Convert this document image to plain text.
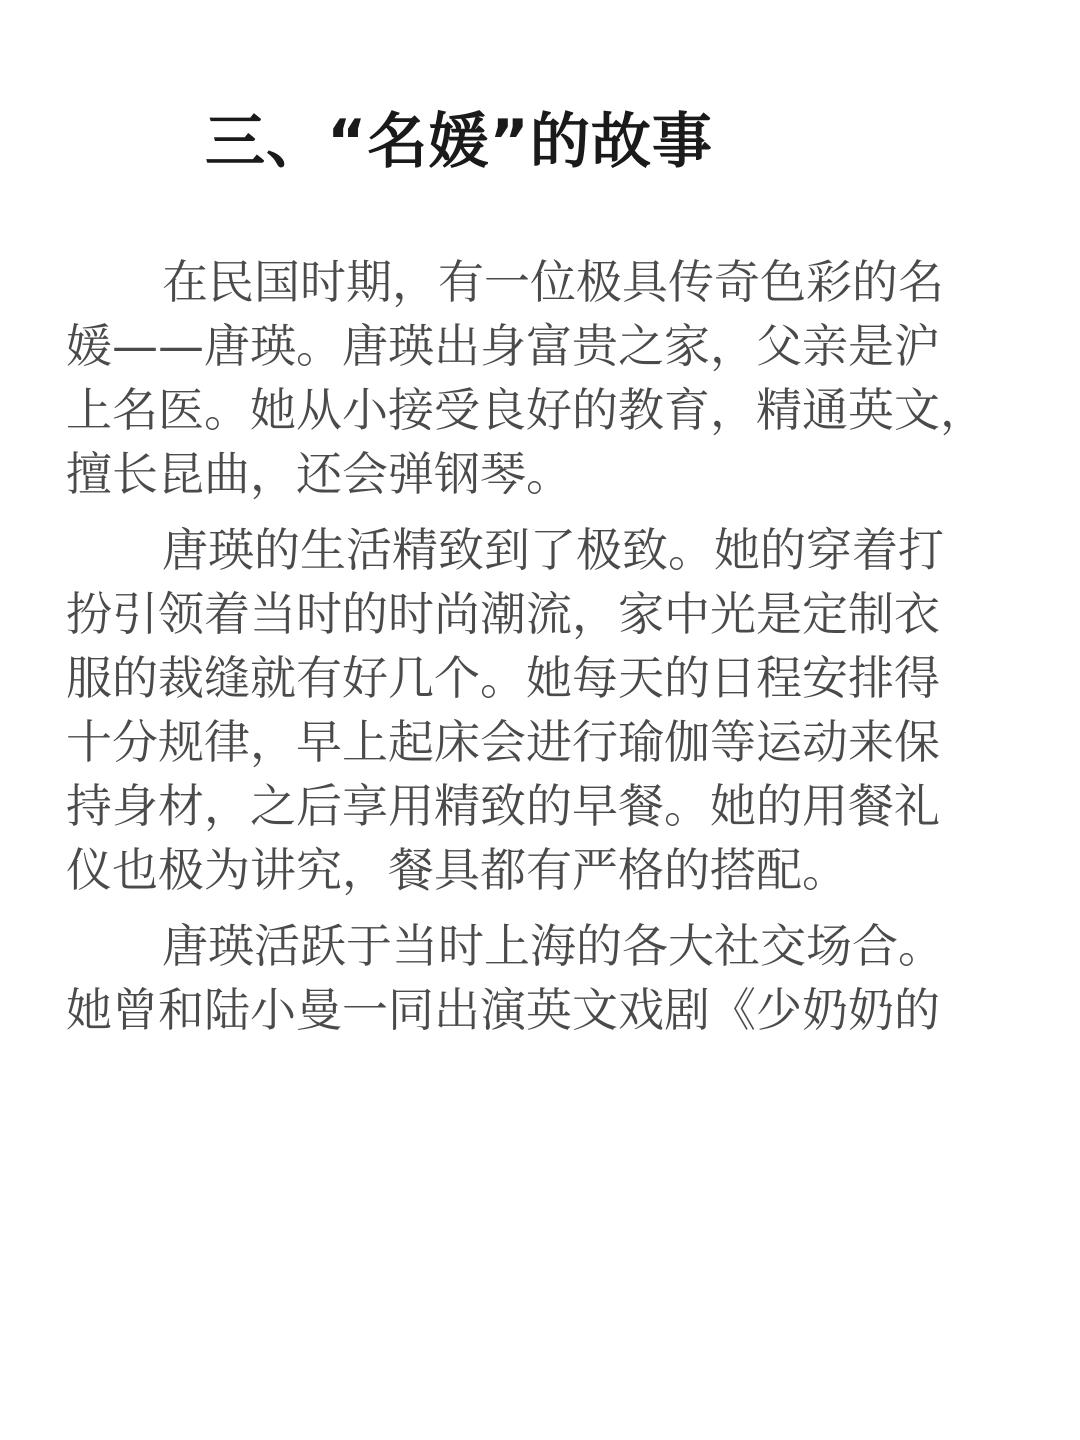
三、“名媛”的故事

在民国时期，有一位极具传奇色彩的名
媛——唐瑛。唐瑛出身富贵之家，父亲是沪
上名医。她从小接受良好的教育，精通英文，
擅长昆曲，还会弹钢琴。

唐瑛的生活精致到了极致。她的穿着打
扮引领着当时的时尚潮流，家中光是定制衣
服的裁缝就有好几个。她每天的日程安排得
十分规律，早上起床会进行瑜伽等运动来保
持身材，之后享用精致的早餐。她的用餐礼
仪也极为讲究，餐具都有严格的搭配。

唐瑛活跃于当时上海的各大社交场合。
她曾和陆小曼一同出演英文戏剧《少奶奶的
